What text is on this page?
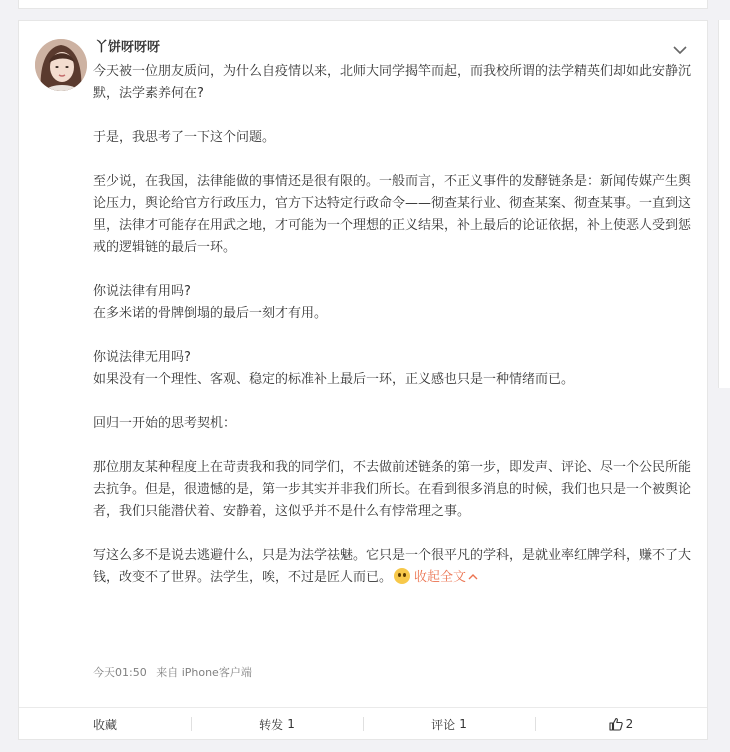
丫饼呀呀呀

今天被一位朋友质问，为什么自疫情以来，北师大同学揭竿而起，而我校所谓的法学精英们却如此安静沉默，法学素养何在?

于是，我思考了一下这个问题。

至少说，在我国，法律能做的事情还是很有限的。一般而言，不正义事件的发酵链条是：新闻传媒产生舆论压力，舆论给官方行政压力，官方下达特定行政命令——彻查某行业、彻查某案、彻查某事。一直到这里，法律才可能存在用武之地，才可能为一个理想的正义结果，补上最后的论证依据，补上使恶人受到惩戒的逻辑链的最后一环。

你说法律有用吗?
在多米诺的骨牌倒塌的最后一刻才有用。

你说法律无用吗?
如果没有一个理性、客观、稳定的标准补上最后一环，正义感也只是一种情绪而已。

回归一开始的思考契机：

那位朋友某种程度上在苛责我和我的同学们，不去做前述链条的第一步，即发声、评论、尽一个公民所能去抗争。但是，很遗憾的是，第一步其实并非我们所长。在看到很多消息的时候，我们也只是一个被舆论者，我们只能潜伏着、安静着，这似乎并不是什么有悖常理之事。

写这么多不是说去逃避什么，只是为法学祛魅。它只是一个很平凡的学科，是就业率红牌学科，赚不了大钱，改变不了世界。法学生，唉，不过是匠人而已。 收起全文

今天01:50 来自 iPhone客户端
收藏	转发 1	评论 1	2
